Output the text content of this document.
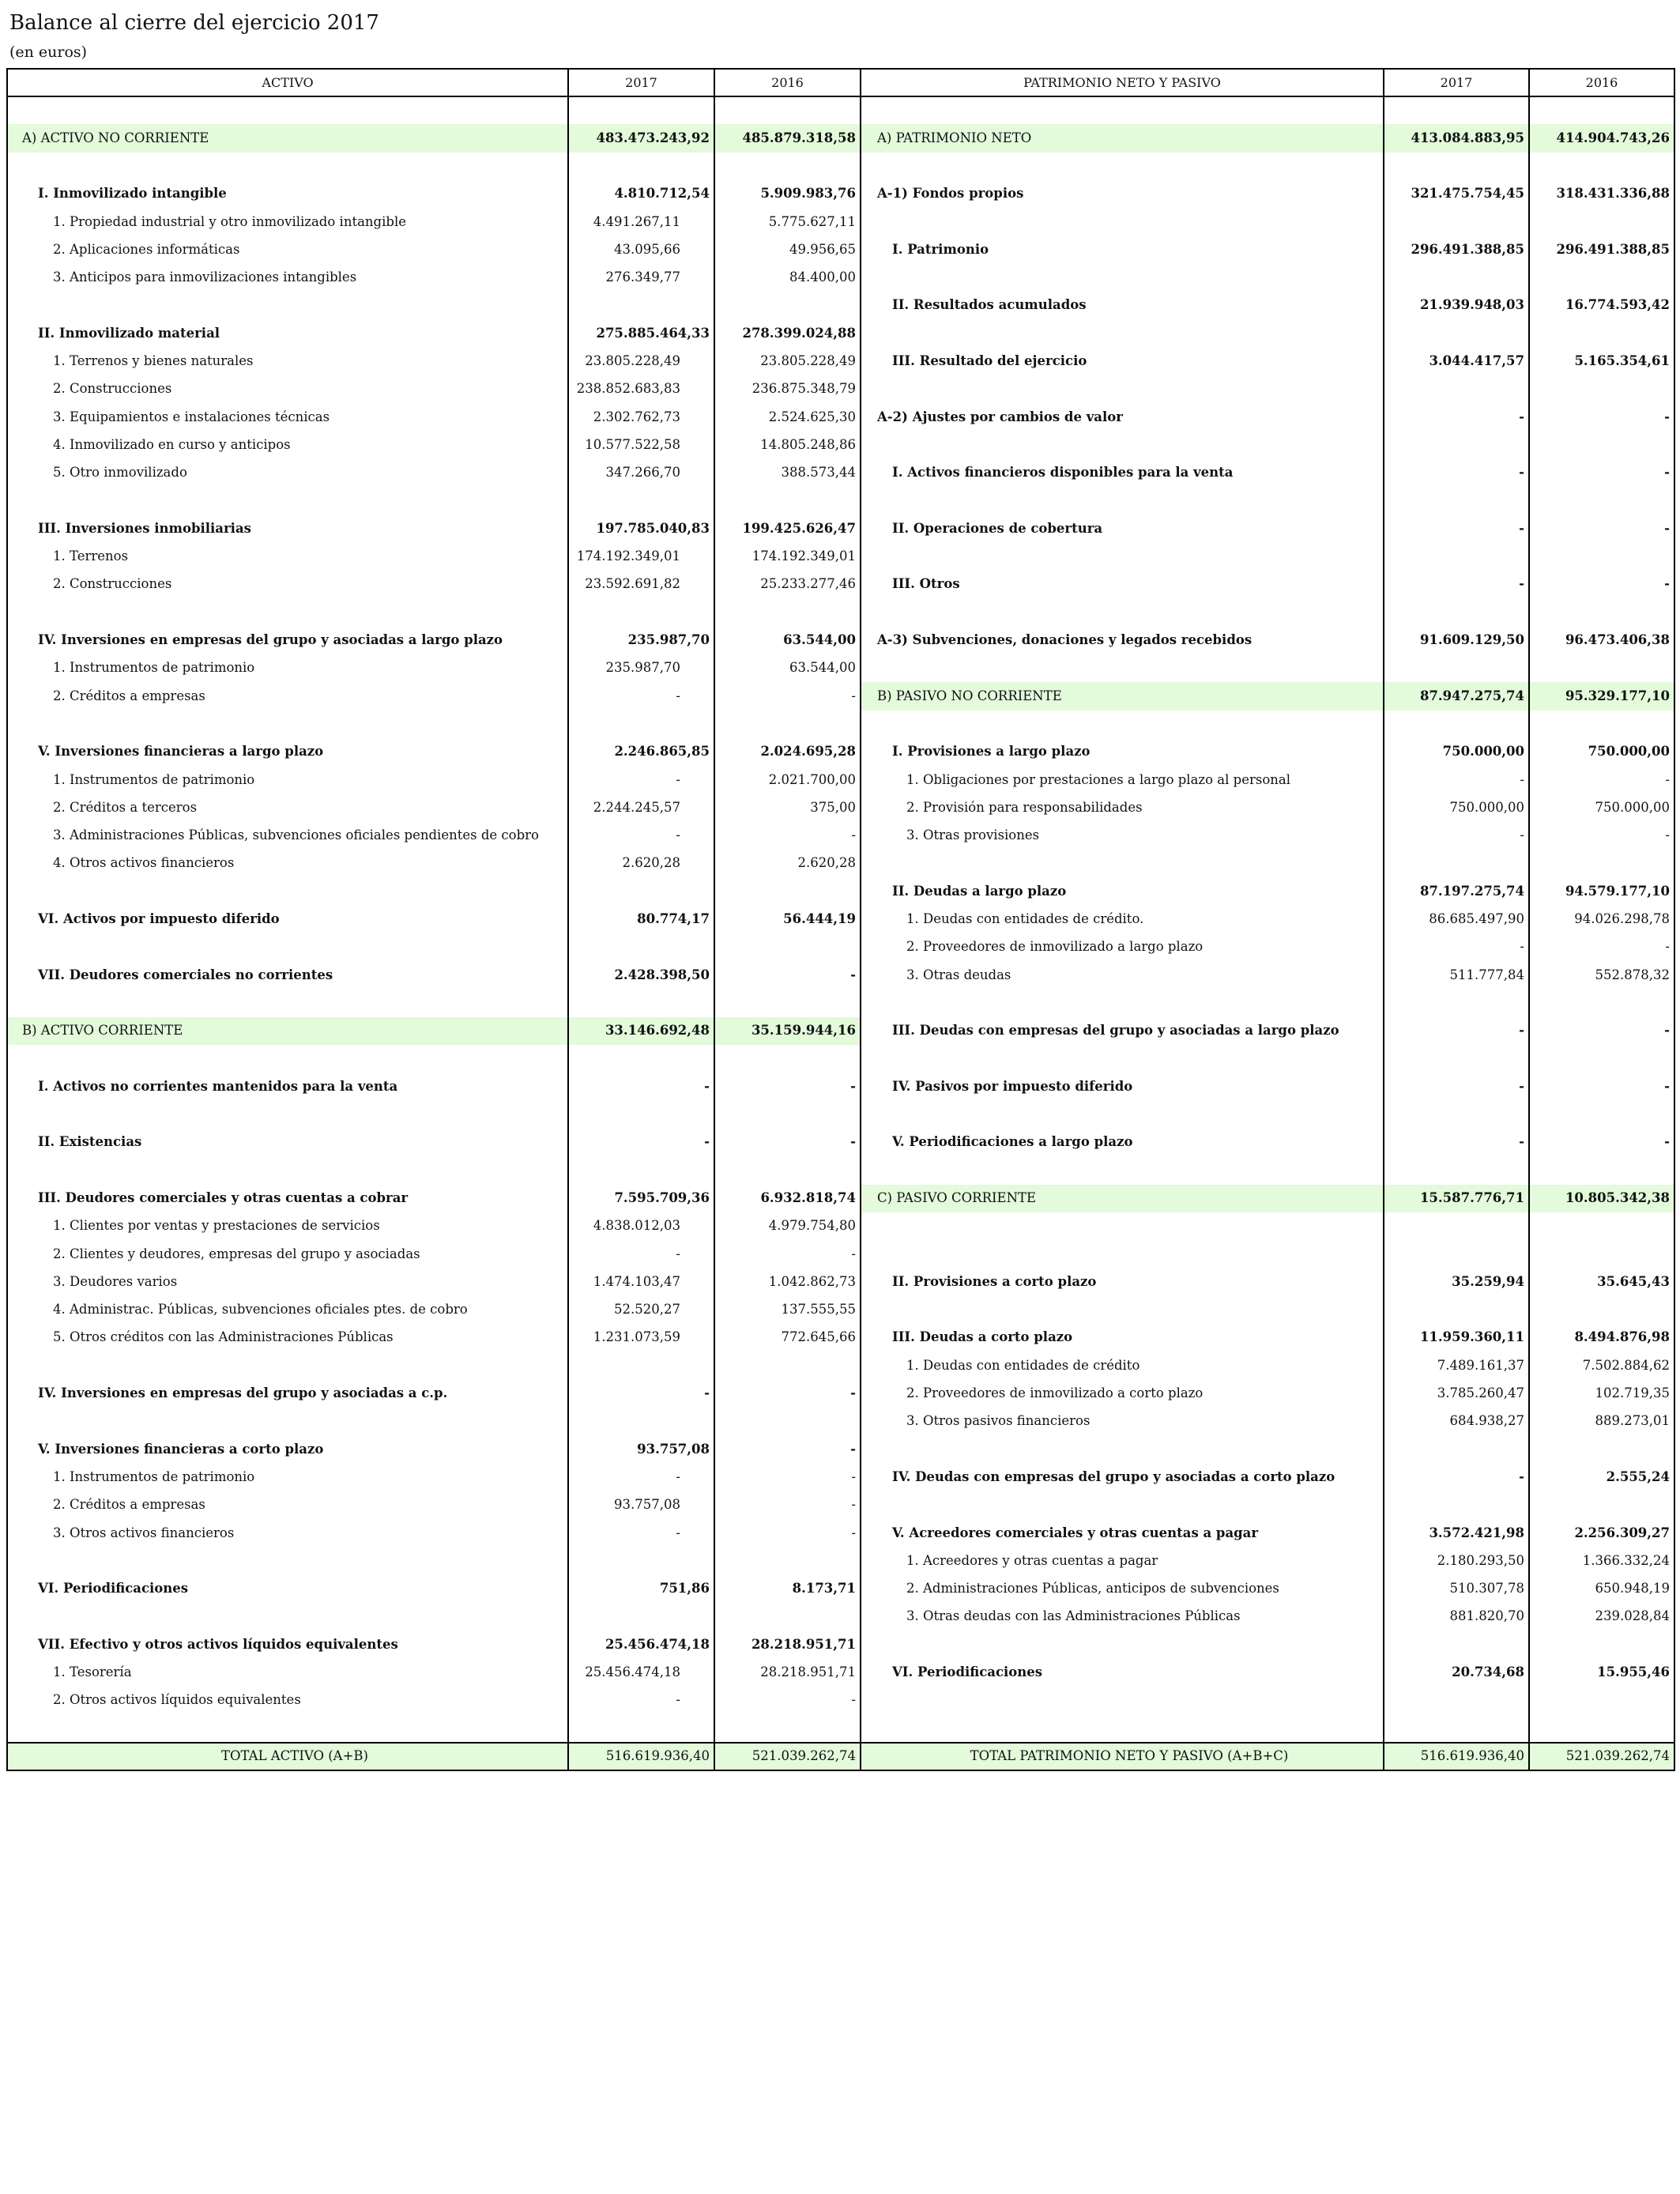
Balance al cierre del ejercicio 2017
(en euros)
ACTIVO	2017	2016	PATRIMONIO NETO Y PASIVO	2017	2016

A) ACTIVO NO CORRIENTE	483.473.243,92	485.879.318,58	A) PATRIMONIO NETO	413.084.883,95	414.904.743,26

I. Inmovilizado intangible	4.810.712,54	5.909.983,76	A-1) Fondos propios	321.475.754,45	318.431.336,88
1. Propiedad industrial y otro inmovilizado intangible	4.491.267,11	5.775.627,11			
2. Aplicaciones informáticas	43.095,66	49.956,65	I. Patrimonio	296.491.388,85	296.491.388,85
3. Anticipos para inmovilizaciones intangibles	276.349,77	84.400,00			
			II. Resultados acumulados	21.939.948,03	16.774.593,42
II. Inmovilizado material	275.885.464,33	278.399.024,88			
1. Terrenos y bienes naturales	23.805.228,49	23.805.228,49	III. Resultado del ejercicio	3.044.417,57	5.165.354,61
2. Construcciones	238.852.683,83	236.875.348,79			
3. Equipamientos e instalaciones técnicas	2.302.762,73	2.524.625,30	A-2) Ajustes por cambios de valor	-	-
4. Inmovilizado en curso y anticipos	10.577.522,58	14.805.248,86			
5. Otro inmovilizado	347.266,70	388.573,44	I. Activos financieros disponibles para la venta	-	-

III. Inversiones inmobiliarias	197.785.040,83	199.425.626,47	II. Operaciones de cobertura	-	-
1. Terrenos	174.192.349,01	174.192.349,01			
2. Construcciones	23.592.691,82	25.233.277,46	III. Otros	-	-

IV. Inversiones en empresas del grupo y asociadas a largo plazo	235.987,70	63.544,00	A-3) Subvenciones, donaciones y legados recebidos	91.609.129,50	96.473.406,38
1. Instrumentos de patrimonio	235.987,70	63.544,00			
2. Créditos a empresas	-	-	B) PASIVO NO CORRIENTE	87.947.275,74	95.329.177,10

V. Inversiones financieras a largo plazo	2.246.865,85	2.024.695,28	I. Provisiones a largo plazo	750.000,00	750.000,00
1. Instrumentos de patrimonio	-	2.021.700,00	1. Obligaciones por prestaciones a largo plazo al personal	-	-
2. Créditos a terceros	2.244.245,57	375,00	2. Provisión para responsabilidades	750.000,00	750.000,00
3. Administraciones Públicas, subvenciones oficiales pendientes de cobro	-	-	3. Otras provisiones	-	-
4. Otros activos financieros	2.620,28	2.620,28			
			II. Deudas a largo plazo	87.197.275,74	94.579.177,10
VI. Activos por impuesto diferido	80.774,17	56.444,19	1. Deudas con entidades de crédito.	86.685.497,90	94.026.298,78
			2. Proveedores de inmovilizado a largo plazo	-	-
VII. Deudores comerciales no corrientes	2.428.398,50	-	3. Otras deudas	511.777,84	552.878,32

B) ACTIVO CORRIENTE	33.146.692,48	35.159.944,16	III. Deudas con empresas del grupo y asociadas a largo plazo	-	-

I. Activos no corrientes mantenidos para la venta	-	-	IV. Pasivos por impuesto diferido	-	-

II. Existencias	-	-	V. Periodificaciones a largo plazo	-	-

III. Deudores comerciales y otras cuentas a cobrar	7.595.709,36	6.932.818,74	C) PASIVO CORRIENTE	15.587.776,71	10.805.342,38
1. Clientes por ventas y prestaciones de servicios	4.838.012,03	4.979.754,80			
2. Clientes y deudores, empresas del grupo y asociadas	-	-			
3. Deudores varios	1.474.103,47	1.042.862,73	II. Provisiones a corto plazo	35.259,94	35.645,43
4. Administrac. Públicas, subvenciones oficiales ptes. de cobro	52.520,27	137.555,55			
5. Otros créditos con las Administraciones Públicas	1.231.073,59	772.645,66	III. Deudas a corto plazo	11.959.360,11	8.494.876,98
			1. Deudas con entidades de crédito	7.489.161,37	7.502.884,62
IV. Inversiones en empresas del grupo y asociadas a c.p.	-	-	2. Proveedores de inmovilizado a corto plazo	3.785.260,47	102.719,35
			3. Otros pasivos financieros	684.938,27	889.273,01
V. Inversiones financieras a corto plazo	93.757,08	-			
1. Instrumentos de patrimonio	-	-	IV. Deudas con empresas del grupo y asociadas a corto plazo	-	2.555,24
2. Créditos a empresas	93.757,08	-			
3. Otros activos financieros	-	-	V. Acreedores comerciales y otras cuentas a pagar	3.572.421,98	2.256.309,27
			1. Acreedores y otras cuentas a pagar	2.180.293,50	1.366.332,24
VI. Periodificaciones	751,86	8.173,71	2. Administraciones Públicas, anticipos de subvenciones	510.307,78	650.948,19
			3. Otras deudas con las Administraciones Públicas	881.820,70	239.028,84
VII. Efectivo y otros activos líquidos equivalentes	25.456.474,18	28.218.951,71			
1. Tesorería	25.456.474,18	28.218.951,71	VI. Periodificaciones	20.734,68	15.955,46
2. Otros activos líquidos equivalentes	-	-			

TOTAL ACTIVO (A+B)	516.619.936,40	521.039.262,74	TOTAL PATRIMONIO NETO Y PASIVO (A+B+C)	516.619.936,40	521.039.262,74
